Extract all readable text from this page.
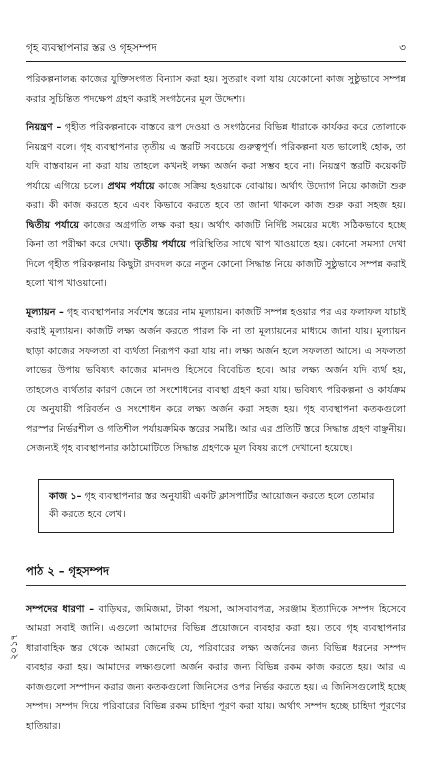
গৃহ ব্যবস্থাপনার স্তর ও গৃহসম্পদ	৩

পরিকল্পনালব্ধ কাজের যুক্তিসংগত বিন্যাস করা হয়। সুতরাং বলা যায় যেকোনো কাজ সুষ্ঠুভাবে সম্পন্ন করার সুচিন্তিত পদক্ষেপ গ্রহণ করাই সংগঠনের মূল উদ্দেশ্য।

নিয়ন্ত্রণ – গৃহীত পরিকল্পনাকে বাস্তবে রূপ দেওয়া ও সংগঠনের বিভিন্ন ধারাকে কার্যকর করে তোলাকে নিয়ন্ত্রণ বলে। গৃহ ব্যবস্থাপনার তৃতীয় এ স্তরটি সবচেয়ে গুরুত্বপূর্ণ। পরিকল্পনা যত ভালোই হোক, তা যদি বাস্তবায়ন না করা যায় তাহলে কখনই লক্ষ্য অর্জন করা সম্ভব হবে না। নিয়ন্ত্রণ স্তরটি কয়েকটি পর্যায়ে এগিয়ে চলে। প্রথম পর্যায়ে কাজে সক্রিয় হওয়াকে বোঝায়। অর্থাৎ উদ্যোগ নিয়ে কাজটা শুরু করা। কী কাজ করতে হবে এবং কিভাবে করতে হবে তা জানা থাকলে কাজ শুরু করা সহজ হয়। দ্বিতীয় পর্যায়ে কাজের অগ্রগতি লক্ষ করা হয়। অর্থাৎ কাজটি নির্দিষ্ট সময়ের মধ্যে সঠিকভাবে হচ্ছে কিনা তা পরীক্ষা করে দেখা। তৃতীয় পর্যায়ে পরিস্থিতির সাথে খাপ খাওয়াতে হয়। কোনো সমস্যা দেখা দিলে গৃহীত পরিকল্পনায় কিছুটা রদবদল করে নতুন কোনো সিদ্ধান্ত নিয়ে কাজটি সুষ্ঠুভাবে সম্পন্ন করাই হলো খাপ খাওয়ানো।

মূল্যায়ন – গৃহ ব্যবস্থাপনার সর্বশেষ স্তরের নাম মূল্যায়ন। কাজটি সম্পন্ন হওয়ার পর এর ফলাফল যাচাই করাই মূল্যায়ন। কাজটি লক্ষ্য অর্জন করতে পারল কি না তা মূল্যায়নের মাধ্যমে জানা যায়। মূল্যায়ন ছাড়া কাজের সফলতা বা ব্যর্থতা নিরূপণ করা যায় না। লক্ষ্য অর্জন হলে সফলতা আসে। এ সফলতা লাভের উপায় ভবিষ্যৎ কাজের মানদণ্ড হিসেবে বিবেচিত হবে। আর লক্ষ্য অর্জন যদি ব্যর্থ হয়, তাহলেও ব্যর্থতার কারণ জেনে তা সংশোধনের ব্যবস্থা গ্রহণ করা যায়। ভবিষ্যৎ পরিকল্পনা ও কার্যক্রম যে অনুযায়ী পরিবর্তন ও সংশোধন করে লক্ষ্য অর্জন করা সহজ হয়। গৃহ ব্যবস্থাপনা কতকগুলো পরস্পর নির্ভরশীল ও গতিশীল পর্যায়ক্রমিক স্তরের সমষ্টি। আর এর প্রতিটি স্তরে সিদ্ধান্ত গ্রহণ বাঞ্ছনীয়। সেজন্যই গৃহ ব্যবস্থাপনার কাঠামোটিতে সিদ্ধান্ত গ্রহণকে মূল বিষয় রূপে দেখানো হয়েছে।

কাজ ১– গৃহ ব্যবস্থাপনার স্তর অনুযায়ী একটি ক্লাসপার্টির আয়োজন করতে হলে তোমার কী করতে হবে লেখ।
পাঠ ২ – গৃহসম্পদ

সম্পদের ধারণা – বাড়িঘর, জমিজমা, টাকা পয়সা, আসবাবপত্র, সরঞ্জাম ইত্যাদিকে সম্পদ হিসেবে আমরা সবাই জানি। এগুলো আমাদের বিভিন্ন প্রয়োজনে ব্যবহার করা হয়। তবে গৃহ ব্যবস্থাপনার ধারাবাহিক স্তর থেকে আমরা জেনেছি যে, পরিবারের লক্ষ্য অর্জনের জন্য বিভিন্ন ধরনের সম্পদ ব্যবহার করা হয়। আমাদের লক্ষ্যগুলো অর্জন করার জন্য বিভিন্ন রকম কাজ করতে হয়। আর এ কাজগুলো সম্পাদন করার জন্য কতকগুলো জিনিসের ওপর নির্ভর করতে হয়। এ জিনিসগুলোই হচ্ছে সম্পদ। সম্পদ দিয়ে পরিবারের বিভিন্ন রকম চাহিদা পূরণ করা যায়। অর্থাৎ সম্পদ হচ্ছে চাহিদা পূরণের হাতিয়ার।

২০১৭
